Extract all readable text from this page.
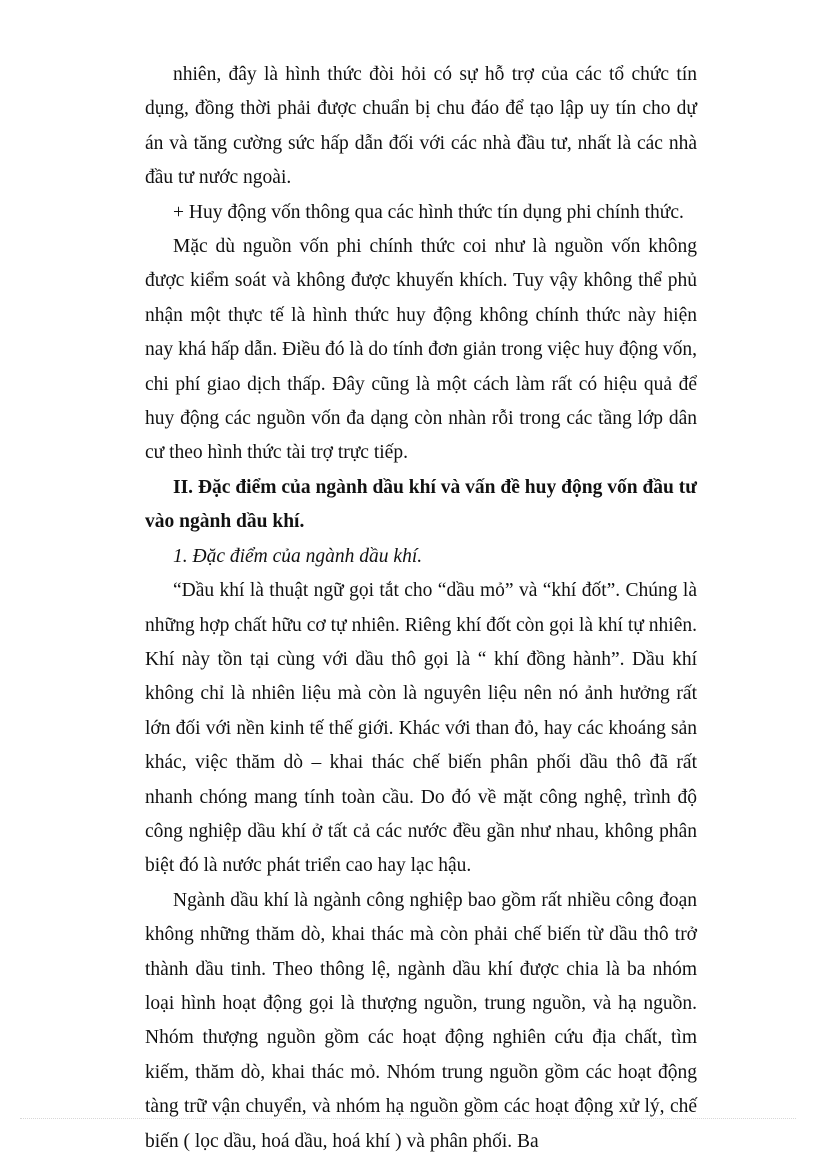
nhiên, đây là hình thức đòi hỏi có sự hỗ trợ của các tổ chức tín dụng, đồng thời phải được chuẩn bị chu đáo để tạo lập uy tín cho dự án và tăng cường sức hấp dẫn đối với các nhà đầu tư, nhất là các nhà đầu tư nước ngoài.

+ Huy động vốn thông qua các hình thức tín dụng phi chính thức.

Mặc dù nguồn vốn phi chính thức coi như là nguồn vốn không được kiểm soát và không được khuyến khích. Tuy vậy không thể phủ nhận một thực tế là hình thức huy động không chính thức này hiện nay khá hấp dẫn. Điều đó là do tính đơn giản trong việc huy động vốn, chi phí giao dịch thấp. Đây cũng là một cách làm rất có hiệu quả để huy động các nguồn vốn đa dạng còn nhàn rỗi trong các tầng lớp dân cư theo hình thức tài trợ trực tiếp.

II. Đặc điểm của ngành dầu khí và vấn đề huy động vốn đầu tư vào ngành dầu khí.

1. Đặc điểm của ngành dầu khí.

“Dầu khí là thuật ngữ gọi tắt cho “dầu mỏ” và “khí đốt”. Chúng là những hợp chất hữu cơ tự nhiên. Riêng khí đốt còn gọi là khí tự nhiên. Khí này tồn tại cùng với dầu thô gọi là “ khí đồng hành”. Dầu khí không chỉ là nhiên liệu mà còn là nguyên liệu nên nó ảnh hưởng rất lớn đối với nền kinh tế thế giới. Khác với than đỏ, hay các khoáng sản khác, việc thăm dò – khai thác chế biến phân phối dầu thô đã rất nhanh chóng mang tính toàn cầu. Do đó về mặt công nghệ, trình độ công nghiệp dầu khí ở tất cả các nước đều gần như nhau, không phân biệt đó là nước phát triển cao hay lạc hậu.

Ngành dầu khí là ngành công nghiệp bao gồm rất nhiều công đoạn không những thăm dò, khai thác mà còn phải chế biến từ dầu thô trở thành dầu tinh. Theo thông lệ, ngành dầu khí được chia là ba nhóm loại hình hoạt động gọi là thượng nguồn, trung nguồn, và hạ nguồn. Nhóm thượng nguồn gồm các hoạt động nghiên cứu địa chất, tìm kiếm, thăm dò, khai thác mỏ. Nhóm trung nguồn gồm các hoạt động tàng trữ vận chuyển, và nhóm hạ nguồn gồm các hoạt động xử lý, chế biến ( lọc dầu, hoá dầu, hoá khí ) và phân phối. Ba
